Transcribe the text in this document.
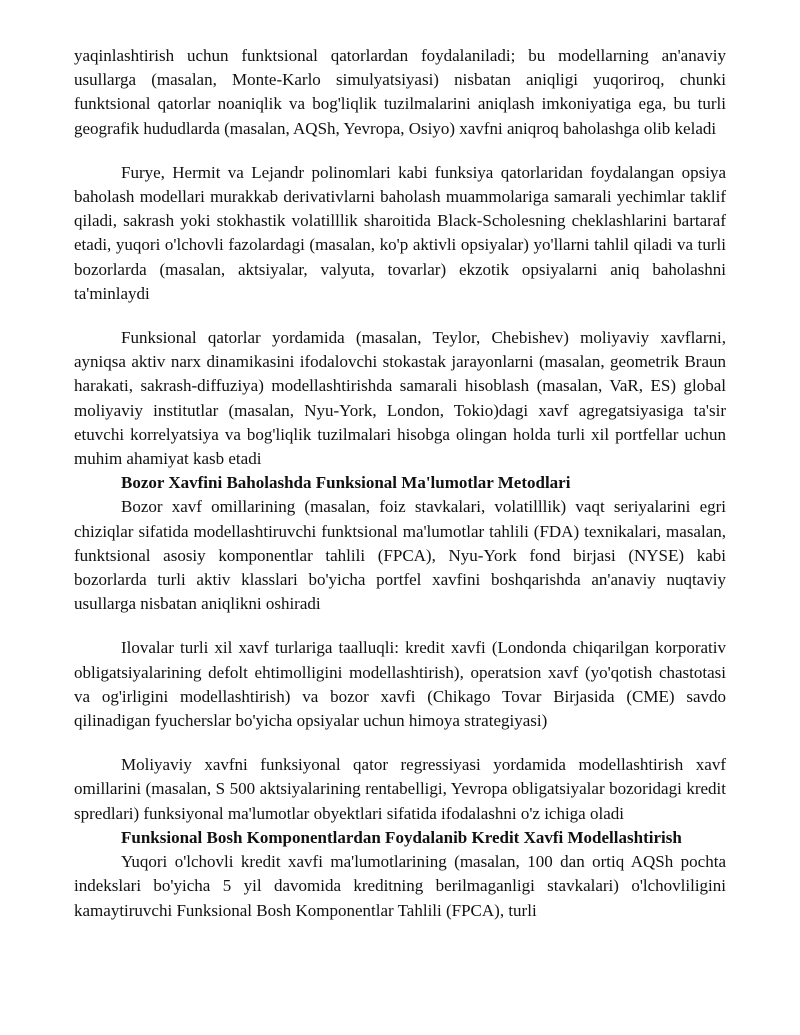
yaqinlashtirish uchun funktsional qatorlardan foydalaniladi; bu modellarning an'anaviy usullarga (masalan, Monte-Karlo simulyatsiyasi) nisbatan aniqligi yuqoriroq, chunki funktsional qatorlar noaniqlik va bog'liqlik tuzilmalarini aniqlash imkoniyatiga ega, bu turli geografik hududlarda (masalan, AQSh, Yevropa, Osiyo) xavfni aniqroq baholashga olib keladi

Furye, Hermit va Lejandr polinomlari kabi funksiya qatorlaridan foydalangan opsiya baholash modellari murakkab derivativlarni baholash muammolariga samarali yechimlar taklif qiladi, sakrash yoki stokhastik volatilllik sharoitida Black-Scholesning cheklashlarini bartaraf etadi, yuqori o'lchovli fazolardagi (masalan, ko'p aktivli opsiyalar) yo'llarni tahlil qiladi va turli bozorlarda (masalan, aktsiyalar, valyuta, tovarlar) ekzotik opsiyalarni aniq baholashni ta'minlaydi

Funksional qatorlar yordamida (masalan, Teylor, Chebishev) moliyaviy xavflarni, ayniqsa aktiv narx dinamikasini ifodalovchi stokastak jarayonlarni (masalan, geometrik Braun harakati, sakrash-diffuziya) modellashtirishda samarali hisoblash (masalan, VaR, ES) global moliyaviy institutlar (masalan, Nyu-York, London, Tokio)dagi xavf agregatsiyasiga ta'sir etuvchi korrelyatsiya va bog'liqlik tuzilmalari hisobga olingan holda turli xil portfellar uchun muhim ahamiyat kasb etadi

Bozor Xavfini Baholashda Funksional Ma'lumotlar Metodlari

Bozor xavf omillarining (masalan, foiz stavkalari, volatilllik) vaqt seriyalarini egri chiziqlar sifatida modellashtiruvchi funktsional ma'lumotlar tahlili (FDA) texnikalari, masalan, funktsional asosiy komponentlar tahlili (FPCA), Nyu-York fond birjasi (NYSE) kabi bozorlarda turli aktiv klasslari bo'yicha portfel xavfini boshqarishda an'anaviy nuqtaviy usullarga nisbatan aniqlikni oshiradi

Ilovalar turli xil xavf turlariga taalluqli: kredit xavfi (Londonda chiqarilgan korporativ obligatsiyalarining defolt ehtimolligini modellashtirish), operatsion xavf (yo'qotish chastotasi va og'irligini modellashtirish) va bozor xavfi (Chikago Tovar Birjasida (CME) savdo qilinadigan fyucherslar bo'yicha opsiyalar uchun himoya strategiyasi)

Moliyaviy xavfni funksiyonal qator regressiyasi yordamida modellashtirish xavf omillarini (masalan, S 500 aktsiyalarining rentabelligi, Yevropa obligatsiyalar bozoridagi kredit spredlari) funksiyonal ma'lumotlar obyektlari sifatida ifodalashni o'z ichiga oladi

Funksional Bosh Komponentlardan Foydalanib Kredit Xavfi Modellashtirish

Yuqori o'lchovli kredit xavfi ma'lumotlarining (masalan, 100 dan ortiq AQSh pochta indekslari bo'yicha 5 yil davomida kreditning berilmaganligi stavkalari) o'lchovliligini kamaytiruvchi Funksional Bosh Komponentlar Tahlili (FPCA), turli
